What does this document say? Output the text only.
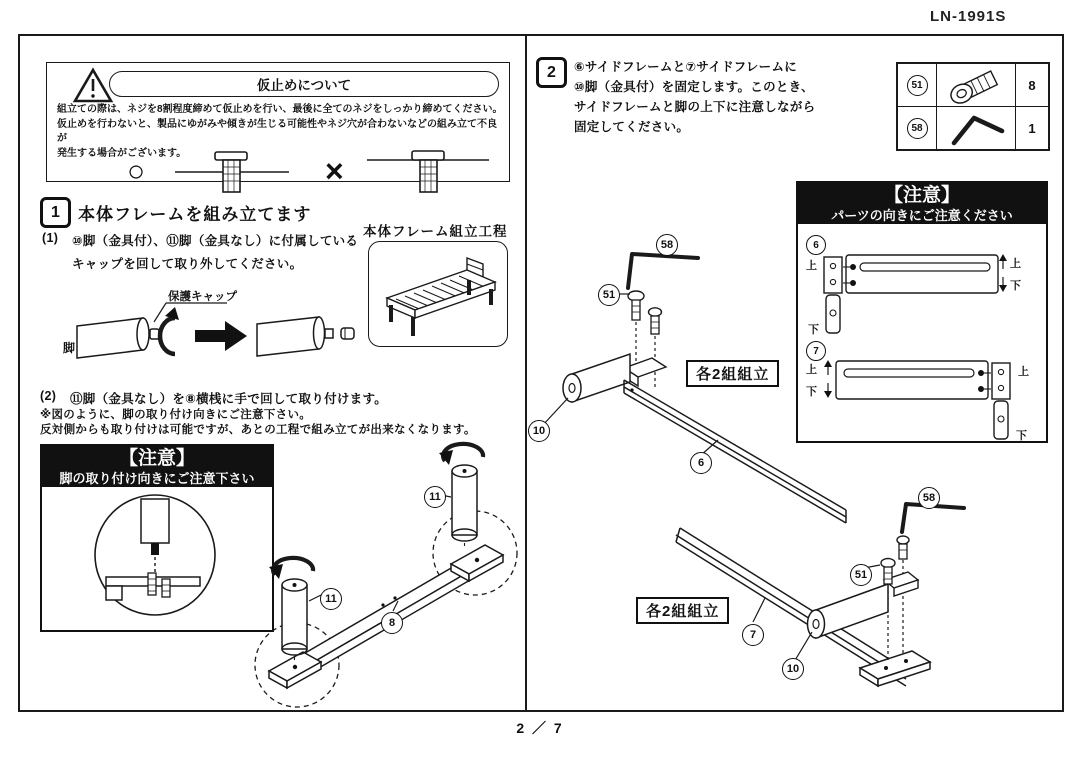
LN-1991S
2 ／ 7
仮止めについて
組立ての際は、ネジを8割程度締めて仮止めを行い、最後に全てのネジをしっかり締めてください。
仮止めを行わないと、製品にゆがみや傾きが生じる可能性やネジ穴が合わないなどの組み立て不良が
発生する場合がございます。
○	×
1	本体フレームを組み立てます
(1) ⑩脚（金具付）、⑪脚（金具なし）に付属している
キャップを回して取り外してください。
本体フレーム組立工程
脚
保護キャップ
(2) ⑪脚（金具なし）を⑧横桟に手で回して取り付けます。
※図のように、脚の取り付け向きにご注意下さい。
反対側からも取り付けは可能ですが、あとの工程で組み立てが出来なくなります。
【注意】
脚の取り付け向きにご注意下さい
11
11
8
2	⑥サイドフレームと⑦サイドフレームに
⑩脚（金具付）を固定します。このとき、
サイドフレームと脚の上下に注意しながら
固定してください。
51	8
58	1
【注意】
パーツの向きにご注意ください
6
上
下
上
下
7
上
下
上
下
58
51
10
6
各2組組立
7
10
51
58
各2組組立
